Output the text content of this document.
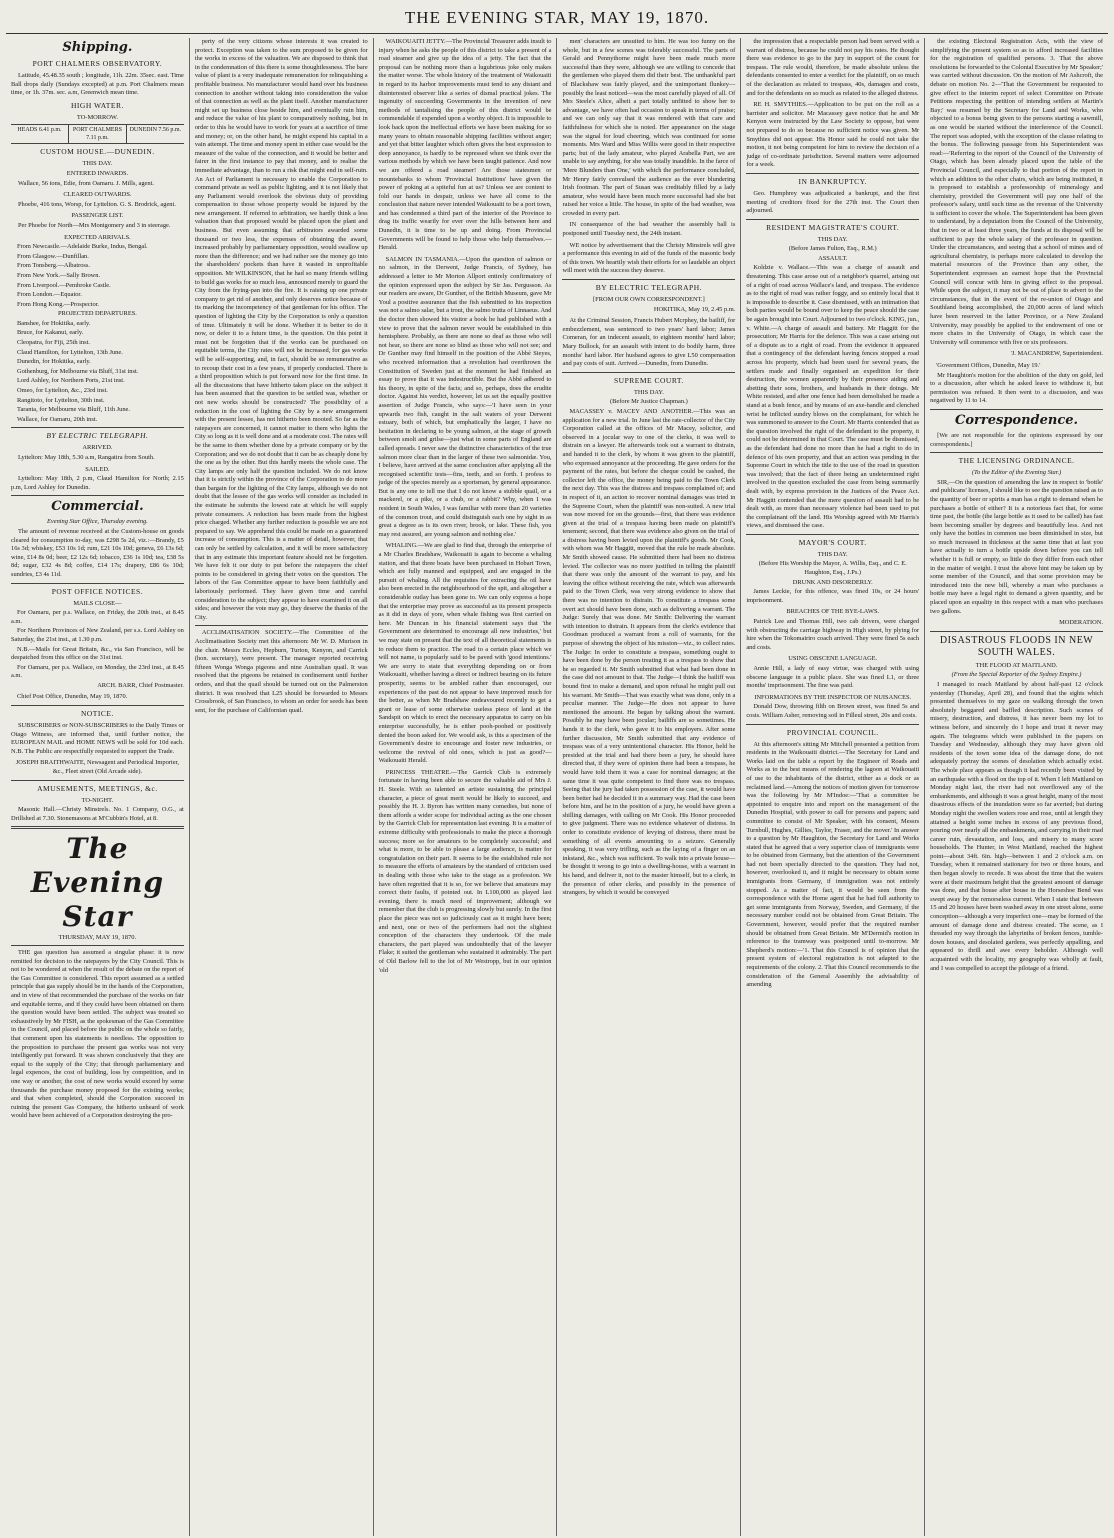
THE EVENING STAR, MAY 19, 1870.
Shipping.
PORT CHALMERS OBSERVATORY.
Latitude, 45.48.35 south ; longitude, 11h. 22m. 35sec. east. Time Ball drops daily (Sundays excepted) at p.m. Port Chalmers mean time, or 1h. 37m. sec. a.m, Greenwich mean time.
HIGH WATER.
TO-MORROW.
HEADS 6.41 p.m.	PORT CHALMERS 7.11 p.m.
DUNEDIN 7.56 p.m.
CUSTOM HOUSE.—DUNEDIN.
THIS DAY.
ENTERED INWARDS.
Wallace, 56 tons, Edie, from Oamaru. J. Mills, agent.
CLEARED OUTWARDS.
Phoebe, 416 tons, Worsp, for Lyttelton. G. S. Brodrick, agent.
PASSENGER LIST.
Per Phoebe for North—Mrs Montgomery and 3 in steerage.
EXPECTED ARRIVALS.
From Newcastle.—Adelaide Burke, Indus, Bengal.
From Glasgow.—Dunfillan.
From Tonsberg.—Albatross.
From New York.—Sally Brown.
From Liverpool.—Pembroke Castle.
From London.—Equator.
From Hong Kong.—Prospector.
PROJECTED DEPARTURES.
Banshee, for Hokitika, early.
Bruce, for Kakanui, early.
Cleopatra, for Fiji, 25th inst.
Claud Hamilton, for Lyttelton, 13th June.
Dunedin, for Hokitika, early.
Gothenburg, for Melbourne via Bluff, 31st inst.
Lord Ashley, for Northern Ports, 21st inst.
Omeo, for Lyttelton, &c., 23rd inst.
Rangitoto, for Lyttelton, 30th inst.
Taranta, for Melbourne via Bluff, 11th June.
Wallace, for Oamaru, 20th inst.
BY ELECTRIC TELEGRAPH.
ARRIVED.
Lyttelton: May 18th, 5.30 a.m, Rangatira from South.
SAILED.
Lyttelton: May 18th, 2 p.m, Claud Hamilton for North; 2.15 p.m, Lord Ashley for Dunedin.
Commercial.
Evening Star Office, Thursday evening.
The amount of revenue received at the Custom-house on goods cleared for consumption to-day, was £298 5s 2d, viz.:—Brandy, £5 16s 3d; whiskey, £53 10s 1d; rum, £21 10s 10d; geneva, £6 13s 6d; wine, £14 8s 0d; beer, £2 12s 6d; tobacco, £36 1s 10d; tea, £38 5s 8d; sugar, £32 4s 8d; coffee, £14 17s; drapery, £86 6s 10d; sundries, £3 4s 11d.
POST OFFICE NOTICES.
MAILS CLOSE—
For Oamaru, per p.s. Wallace, on Friday, the 20th inst., at 8.45 a.m.
For Northern Provinces of New Zealand, per s.s. Lord Ashley on Saturday, the 21st inst., at 1.30 p.m.
N.B.—Mails for Great Britain, &c., via San Francisco, will be despatched from this office on the 31st inst.
For Oamaru, per p.s. Wallace, on Monday, the 23rd inst., at 8.45 a.m.
ARCH. BARR, Chief Postmaster.
Chief Post Office, Dunedin, May 19, 1870.
NOTICE.
SUBSCRIBERS or NON-SUBSCRIBERS to the Daily Times or Otago Witness, are informed that, until further notice, the EUROPEAN MAIL and HOME NEWS will be sold for 10d each. N.B. The Public are respectfully requested to support the Trade.
JOSEPH BRAITHWAITE, Newsagent and Periodical Importer, &c., Fleet street (Old Arcade side).
AMUSEMENTS, MEETINGS, &c.
TO-NIGHT.
Masonic Hall.—Christy Minstrels. No. 1 Company, O.G., at Drillshed at 7.30. Stonemasons at M'Cubbin's Hotel, at 8.
The Evening Star
THURSDAY, MAY 19, 1870.
THE gas question has assumed a singular phase: it is now remitted for decision to the ratepayers by the City Council. This is not to be wondered at when the result of the debate on the report of the Gas Committee is considered. This report assumed as a settled principle that gas supply should be in the hands of the Corporation, and in view of that recommended the purchase of the works on fair and equitable terms, and if they could have been obtained on them the question would have been settled. The subject was treated so exhaustively by Mr FISH, as the spokesman of the Gas Committee in the Council, and placed before the public on the whole so fairly, that comment upon his statements is needless. The opposition to the proposition to purchase the present gas works was not very intelligently put forward. It was shown conclusively that they are equal to the supply of the City; that through parliamentary and legal expences, the cost of building, loss by competition, and in one way or another, the cost of new works would exceed by some thousands the purchase money proposed for the existing works; and that when completed, should the Corporation succeed in ruining the present Gas Company, the hitherto unheard of work would have been achieved of a Corporation destroying the pro-
perty of the very citizens whose interests it was created to protect. Exception was taken to the sum proposed to be given for the works in excess of the valuation. We are disposed to think that in the condemnation of this there is some thoughtlessness. The bare value of plant is a very inadequate remuneration for relinquishing a profitable business. No manufacturer would hand over his business connection to another without taking into consideration the value of that connection as well as the plant itself. Another manufacturer might set up business close beside him, and eventually ruin him, and reduce the value of his plant to comparatively nothing, but in order to this he would have to work for years at a sacrifice of time and money; or, on the other hand, he might expend his capital in a vain attempt. The time and money spent in either case would be the measure of the value of the connection, and it would be better and fairer in the first instance to pay that money, and to realise the immediate advantage, than to run a risk that might end in self-ruin. An Act of Parliament is necessary to enable the Corporation to command private as well as public lighting, and it is not likely that any Parliament would overlook the obvious duty of providing compensation to those whose property would be injured by the new arrangement. If referred to arbitration, we hardly think a less valuation than that proposed would be placed upon the plant and business. But even assuming that arbitrators awarded some thousand or two less, the expenses of obtaining the award, increased probably by parliamentary opposition, would swallow up more than the difference; and we had rather see the money go into the shareholders' pockets than have it wasted in unprofitable opposition. Mr WILKINSON, that he had so many friends willing to build gas works for so much less, announced merely to guard the City from the frying-pan into the fire. It is raising up one private company to get rid of another, and only deserves notice because of its marking the incompetency of that gentleman for his office. The question of lighting the City by the Corporation is only a question of time. Ultimately it will be done. Whether it is better to do it now, or defer it to a future time, is the question. On this point it must not be forgotten that if the works can be purchased on equitable terms, the City rates will not be increased, for gas works will be self-supporting, and, in fact, should be so remunerative as to recoup their cost in a few years, if properly conducted. There is a third proposition which is put forward now for the first time. In all the discussions that have hitherto taken place on the subject it has been assumed that the question to be settled was, whether or not new works should be constructed? The possibility of a reduction in the cost of lighting the City by a new arrangement with the present lessee, has not hitherto been mooted. So far as the ratepayers are concerned, it cannot matter to them who lights the City so long as it is well done and at a moderate cost. The rates will be the same to them whether done by a private company or by the Corporation; and we do not doubt that it can be as cheaply done by the one as by the other. But this hardly meets the whole case. The City lamps are only half the question included. We do not know that it is strictly within the province of the Corporation to do more than bargain for the lighting of the City lamps, although we do not doubt that the lessee of the gas works will consider as included in the estimate he submits the lowest rate at which he will supply private consumers. A reduction has been made from the highest price charged. Whether any further reduction is possible we are not prepared to say. We apprehend this could be made on a guaranteed increase of consumption. This is a matter of detail, however, that can only be settled by calculation, and it will be more satisfactory that in any estimate this important feature should not be forgotten. We have felt it our duty to put before the ratepayers the chief points to be considered in giving their votes on the question. The labors of the Gas Committee appear to have been faithfully and laboriously performed. They have given time and careful consideration to the subject; they appear to have examined it on all sides; and however the vote may go, they deserve the thanks of the City.
ACCLIMATISATION SOCIETY.—The Committee of the Acclimatisation Society met this afternoon: Mr W. D. Murison in the chair. Messrs Eccles, Hepburn, Turton, Kenyon, and Carrick (hon. secretary), were present. The manager reported receiving fifteen Wonga Wonga pigeons and nine Australian quail. It was resolved that the pigeons be retained in confinement until further orders, and that the quail should be turned out on the Palmerston district. It was resolved that L25 should be forwarded to Messrs Crossbrook, of San Francisco, to whom an order for seeds has been sent, for the purchase of Californian quail.
WAIKOUAITI JETTY.—The Provincial Treasurer adds insult to injury when he asks the people of this district to take a present of a road steamer and give up the idea of a jetty. The fact that the proposal can be nothing more than a lugubrious joke only makes the matter worse. The whole history of the treatment of Waikouaiti in regard to its harbor improvements must tend to any distant and disinterested observer like a series of dismal practical jokes. The ingenuity of succeeding Governments in the invention of new methods of tantalising the people of this district would be commendable if expended upon a worthy object. It is impossible to look back upon the ineffectual efforts we have been making for so many years to obtain reasonable shipping facilities without anger; and yet that bitter laughter which often gives the best expression to deep annoyance, is hardly to be repressed when we think over the various methods by which we have been taught patience. And now we are offered a road steamer! Are those statesmen or mountebanks to whom 'Provincial Institutions' have given the power of poking at a spiteful fun at us? Unless we are content to fold our hands in despair, unless we have all come to the conclusion that nature never intended Waikouaiti to be a port town, and has condemned a third part of the interior of the Province to drag its traffic wearily for ever over the hills between here and Dunedin, it is time to be up and doing. From Provincial Governments will be found to help those who help themselves.—Herald.
SALMON IN TASMANIA.—Upon the question of salmon or no salmon, in the Derwent, Judge Francis, of Sydney, has addressed a letter to Mr Morton Allport entirely confirmatory of the opinion expressed upon the subject by Sir Jas. Fergusson. As our readers are aware, Dr Gunther, of the British Museum, gave Mr Youl a positive assurance that the fish submitted to his inspection was not a salmo salar, but a trout, the salmo trutta of Linnaeus. And the doctor then showed his visitor a book he had published with a view to prove that the salmon never would be established in this hemisphere. Probably, as there are none so deaf as those who will not hear, so there are none so blind as those who will not see; and Dr Gunther may find himself in the position of the Abbé Sieyes, who received information that a revolution had overthrown the Constitution of Sweden just at the moment he had finished an essay to prove that it was indestructible. But the Abbé adhered to his theory, in spite of the facts; and so, perhaps, does the erudite doctor. Against his verdict, however, let us set the equally positive assertion of Judge Francis, who says:—'I have seen in your upwards two fish, caught in the salt waters of your Derwent estuary, both of which, but emphatically the larger, I have no hesitation in declaring to be young salmon, at the stage of growth between smolt and grilse—just what in some parts of England are called spreads. I never saw the distinctive characteristics of the true salmon more clear than in the larger of these two salmonidæ. You, I believe, have arrived at the same conclusion after applying all the recognised scientific tests—fins, teeth, and so forth. I profess to judge of the species merely as a sportsman, by general appearance. But is any one to tell me that I do not know a stubble quail, or a mackerel, or a pike, or a chub, or a rabbit? Why, when I was resident in South Wales, I was familiar with more than 20 varieties of the common trout, and could distinguish each one by sight in as great a degree as is its own river, brook, or lake. These fish, you may rest assured, are young salmon and nothing else.'
WHALING.—We are glad to find that, through the enterprise of a Mr Charles Bradshaw, Waikouaiti is again to become a whaling station, and that three boats have been purchased in Hobart Town, which are fully manned and equipped, and are engaged in the pursuit of whaling. All the requisites for extracting the oil have also been erected in the neighbourhood of the spit, and altogether a considerable outlay has been gone to. We can only express a hope that the enterprise may prove as successful as its present prospects as it did in days of yore, when whale fishing was first carried on here. Mr Duncan in his financial statement says that 'the Government are determined to encourage all new industries,' but we may state on present that the text of all theoretical statements is to reduce them to practice. The road to a certain place which we will not name, is popularly said to be paved with 'good intentions.' We are sorry to state that everything depending on or from Waikouaiti, whether having a direct or indirect bearing on its future prosperity, seems to be ambled rather than encouraged, our experiences of the past do not appear to have improved much for the better, as when Mr Bradshaw endeavoured recently to get a grant or lease of some otherwise useless piece of land at the Sandspit on which to erect the necessary apparatus to carry on his enterprise successfully, he is either pooh-poohed or positively denied the boon asked for. We would ask, is this a specimen of the Government's desire to encourage and foster new industries, or welcome the revival of old ones, which is just as good?—Waikouaiti Herald.
PRINCESS THEATRE.—The Garrick Club is extremely fortunate in having been able to secure the valuable aid of Mrs J. H. Steele. With so talented an artiste sustaining the principal character, a piece of great merit would be likely to succeed, and possibly the H. J. Byron has written many comedies, but none of them affords a wider scope for individual acting as the one chosen by the Garrick Club for representation last evening. It is a matter of extreme difficulty with professionals to make the piece a thorough success; more so for amateurs to be completely successful; and what is more, to be able to please a large audience, is matter for congratulation on their part. It seems to be the established rule not to measure the efforts of amateurs by the standard of criticism used in dealing with those who take to the stage as a profession. We have often regretted that it is so, for we believe that amateurs may correct their faults, if pointed out. In L100,000 as played last evening, there is much need of improvement; although we remember that the club is progressing slowly but surely. In the first place the piece was not so judiciously cast as it might have been; and next, one or two of the performers had not the slightest conception of the characters they undertook. Of the male characters, the part played was undoubtedly that of the lawyer Flake; it suited the gentleman who sustained it admirably. The part of Old Barlow fell to the lot of Mr Westropp, but in our opinion 'old
men' characters are unsuited to him. He was too funny on the whole, but in a few scenes was tolerably successful. The parts of Gerald and Pennythorne might have been made much more successful than they were, although we are willing to concede that the gentlemen who played them did their best. The unthankful part of Blackshaw was fairly played, and the unimportant flunkey—possibly the least noticed—was the most carefully played of all. Of Mrs Steele's Alice, albeit a part totally unfitted to show her to advantage, we have often had occasion to speak in terms of praise; and we can only say that it was rendered with that care and faithfulness for which she is noted. Her appearance on the stage was the signal for loud cheering, which was continued for some moments. Mrs Ward and Miss Willis were good in their respective parts; but of the lady amateur, who played Arabella Part, we are unable to say anything, for she was totally inaudible. In the farce of 'Mere Blunders than One,' with which the performance concluded, Mr Henry fairly convulsed the audience as the ever blundering Irish footman. The part of Susan was creditably filled by a lady amateur, who would have been much more successful had she but raised her voice a little. The house, in spite of the bad weather, was crowded in every part.
IN consequence of the bad weather the assembly ball is postponed until Tuesday next, the 24th instant.
WE notice by advertisement that the Christy Minstrels will give a performance this evening in aid of the funds of the masonic body of this town. We heartily wish their efforts for so laudable an object will meet with the success they deserve.
BY ELECTRIC TELEGRAPH.
[FROM OUR OWN CORRESPONDENT.]
HOKITIKA, May 19, 2.45 p.m.
At the Criminal Session, Francis Hubert Mcrphey, the bailiff, for embezzlement, was sentenced to two years' hard labor; James Comeran, for an indecent assault, to eighteen months' hard labor; Mary Bullock, for an assault with intent to do bodily harm, three months' hard labor. Her husband agrees to give L50 compensation and pay costs of suit. Arrived.—Dunedin, from Dunedin.
SUPREME COURT.
THIS DAY.
(Before Mr Justice Chapman.)
MACASSEY v. MACEY AND ANOTHER.—This was an application for a new trial. In June last the rate-collector of the City Corporation called at the offices of Mr Macey, solicitor, and observed in a jocular way to one of the clerks, it was well to distrain on a lawyer. He afterwards took out a warrant to distrain, and handed it to the clerk, by whom it was given to the plaintiff, who expressed annoyance at the proceeding. He gave orders for the payment of the rates, but before the cheque could be cashed, the collector left the office, the money being paid to the Town Clerk the next day. This was the distress and trespass complained of; and in respect of it, an action to recover nominal damages was tried in the Supreme Court, when the plaintiff was non-suited. A new trial was now moved for on the grounds—first, that there was evidence given at the trial of a trespass having been made on plaintiff's tenement; second, that there was evidence also given on the trial of a distress having been levied upon the plaintiff's goods. Mr Cook, with whom was Mr Haggitt, moved that the rule be made absolute. Mr Smith showed cause. He submitted there had been no distress levied. The collector was no more justified in telling the plaintiff that there was only the amount of the warrant to pay, and his leaving the office without receiving the rate, which was afterwards paid to the Town Clerk, was very strong evidence to show that there was no intention to distrain. To constitute a trespass some overt act should have been done, such as delivering a warrant. The Judge: Surely that was done. Mr Smith: Delivering the warrant with intention to distrain. It appears from the clerk's evidence that Goodman produced a warrant from a roll of warrants, for the purpose of showing the object of his mission—viz., to collect rates. The Judge: In order to constitute a trespass, something ought to have been done by the person treating it as a trespass to show that he so regarded it. Mr Smith submitted that what had been done in the case did not amount to that. The Judge—I think the bailiff was bound first to make a demand, and upon refusal he might pull out his warrant. Mr Smith—That was exactly what was done, only in a peculiar manner. The Judge—He does not appear to have mentioned the amount. He began by talking about the warrant. Possibly he may have been jocular; bailiffs are so sometimes. He hands it to the clerk, who gave it to his employers. After some further discussion, Mr Smith submitted that any evidence of trespass was of a very unintentional character. His Honor, held he presided at the trial and had there been a jury, he should have directed that, if they were of opinion there had been a trespass, he would have told them it was a case for nominal damages; at the same time it was quite competent to find there was no trespass. Seeing that the jury had taken possession of the case, it would have been better had he decided it in a summary way. Had the case been before him, and he in the position of a jury, he would have given a shilling damages, with calling on Mr Cook. His Honor proceeded to give judgment. There was no evidence whatever of distress. In order to constitute evidence of levying of distress, there must be something of all events amounting to a seizure. Generally speaking, it was very trifling, such as the laying of a finger on an inkstand, &c., which was sufficient. To walk into a private house—be thought it wrong to go into a dwelling-house, with a warrant in his hand, and deliver it, not to the master himself, but to a clerk, in the presence of other clerks, and possibly in the presence of strangers, by which it would be conveyed
the impression that a respectable person had been served with a warrant of distress, because he could not pay his rates. He thought there was evidence to go to the jury in support of the count for trespass. The rule would, therefore, be made absolute unless the defendants consented to enter a verdict for the plaintiff, on so much of the declaration as related to trespass, 40s, damages and costs, and for the defendants on so much as related to the alleged distress.
RE H. SMYTHIES.—Application to be put on the roll as a barrister and solicitor. Mr Macassey gave notice that he and Mr Kenyon were instructed by the Law Society to oppose, but were not prepared to do so because no sufficient notice was given. Mr Smythies did not appear. His Honor said he could not take the motion, it not being competent for him to review the decision of a judge of co-ordinate jurisdiction. Several matters were adjourned for a week.
IN BANKRUPTCY.
Geo. Humphrey was adjudicated a bankrupt, and the first meeting of creditors fixed for the 27th inst. The Court then adjourned.
RESIDENT MAGISTRATE'S COURT.
THIS DAY.
(Before James Fulton, Esq., R.M.)
ASSAULT.
Koldzie v. Wallace.—This was a charge of assault and threatening. This case arose out of a neighbor's quarrel, arising out of a right of road across Wallace's land, and trespass. The evidence as to the right of road was rather foggy, and so entirely local that it is impossible to describe it. Case dismissed, with an intimation that both parties would be bound over to keep the peace should the case be again brought into Court. Adjourned to two o'clock. KING, jun., v. White.—A charge of assault and battery. Mr Haggitt for the prosecution; Mr Harris for the defence. This was a case arising out of a dispute as to a right of road. From the evidence it appeared that a contingency of the defendant having fences stopped a road across his property, which had been used for several years, the settlers made and finally organised an expedition for their destruction, the women apparently by their presence aiding and abetting their sons, brothers, and husbands in their doings. Mr White resisted, and after one fence had been demolished he made a stand at a bush fence, and by means of an axe-handle and clenched wrist he inflicted sundry blows on the complainant, for which he was summoned to answer to the Court. Mr Harris contended that as the question involved the right of the defendant to the property, it could not be determined in that Court. The case must be dismissed, as the defendant had done no more than he had a right to do in defence of his own property, and that an action was pending in the Supreme Court in which the title to the use of the road in question was involved; that the fact of there being an undetermined right involved in the question excluded the case from being summarily dealt with, by express provision in the Justices of the Peace Act. Mr Haggitt contended that the mere question of assault had to be dealt with, as more than necessary violence had been used to put the complainant off the land. His Worship agreed with Mr Harris's views, and dismissed the case.
MAYOR'S COURT.
THIS DAY.
(Before His Worship the Mayor, A. Willis, Esq., and C. E. Haughton, Esq., J.Ps.)
DRUNK AND DISORDERLY.
James Leckie, for this offence, was fined 10s, or 24 hours' imprisonment.
BREACHES OF THE BYE-LAWS.
Patrick Lee and Thomas Hill, two cab drivers, were charged with obstructing the carriage highway in High street, by plying for hire when the Tokomairiro coach arrived. They were fined 5s each and costs.
USING OBSCENE LANGUAGE.
Annie Hill, a lady of easy virtue, was charged with using obscene language in a public place. She was fined L1, or three months' imprisonment. The fine was paid.
INFORMATIONS BY THE INSPECTOR OF NUISANCES.
Donald Dow, throwing filth on Brown street, was fined 5s and costs. William Asher, removing soil in Filleul street, 20s and costs.
PROVINCIAL COUNCIL.
At this afternoon's sitting Mr Mitchell presented a petition from residents in the Waikouaiti district.—The Secretary for Land and Works laid on the table a report by the Engineer of Roads and Works as to the best means of rendering the lagoon at Waikouaiti of use to the inhabitants of the district, either as a dock or as reclaimed land.—Among the notices of motion given for tomorrow was the following by Mr M'Indoe:—'That a committee be appointed to enquire into and report on the management of the Dunedin Hospital, with power to call for persons and papers; said committee to consist of Mr Speaker, with his consent, Messrs Turnbull, Hughes, Gillies, Taylor, Fraser, and the mover.' In answer to a question by Mr Haughton, the Secretary for Land and Works stated that he agreed that a very superior class of immigrants were to be obtained from Germany, but the attention of the Government had not been specially directed to the question. They had not, however, overlooked it, and it might be necessary to obtain some immigrants from Germany, if immigration was not entirely stopped. As a matter of fact, it would be seen from the correspondence with the Home agent that he had full authority to get some immigrants from Norway, Sweden, and Germany, if the necessary number could not be obtained from Great Britain. The Government, however, would prefer that the required number should be obtained from Great Britain. Mr M'Dermid's motion in reference to the tramway was postponed until to-morrow. Mr Shepherd's motion:—'1. That this Council is of opinion that the present system of electoral registration is not adapted to the requirements of the colony. 2. That this Council recommends to the consideration of the General Assembly the advisability of amending
the existing Electoral Registration Acts, with the view of simplifying the present system so as to afford increased facilities for the registration of qualified persons. 3. That the above resolutions be forwarded to the Colonial Executive by Mr Speaker;' was carried without discussion. On the motion of Mr Ashcroft, the debate on motion No. 2—'That the Government be requested to give effect to the interim report of select Committee on Private Petitions respecting the petition of intending settlers at Martin's Bay;' was resumed by the Secretary for Land and Works, who objected to a bonus being given to the persons starting a sawmill, as one would be started without the interference of the Council. The report was adopted, with the exception of the clause relating to the bonus. The following passage from his Superintendent was read:—'Referring to the report of the Council of the University of Otago, which has been already placed upon the table of the Provincial Council, and especially to that portion of the report in which an addition to the other chairs, which are being instituted, it is proposed to establish a professorship of mineralogy and chemistry, provided the Government will pay one half of the professor's salary, until such time as the revenue of the University is sufficient to cover the whole. The Superintendent has been given to understand, by a deputation from the Council of the University, that in two or at least three years, the funds at its disposal will be sufficient to pay the whole salary of the professor in question. Under the circumstances, and seeing that a school of mines and of agricultural chemistry, is perhaps more calculated to develop the material resources of the Province than any other, the Superintendent expresses an earnest hope that the Provincial Council will concur with him in giving effect to the proposal. While upon the subject, it may not be out of place to advert to the circumstances, that in the event of the re-union of Otago and Southland being accomplished, the 20,000 acres of land which have been reserved in the latter Province, or a New Zealand University, may possibly be applied to the endowment of one or more chairs in the University of Otago, in which case the University will commence with five or six professors.
'J. MACANDREW, Superintendent.
'Government Offices, Dunedin, May 19.'
Mr Haughton's motion for the abolition of the duty on gold, led to a discussion, after which he asked leave to withdraw it, but permission was refused. It then went to a discussion, and was negatived by 11 to 14.
Correspondence.
[We are not responsible for the opinions expressed by our correspondents.]
THE LICENSING ORDINANCE.
(To the Editor of the Evening Star.)
SIR,—On the question of amending the law in respect to 'bottle' and publicans' licenses, I should like to see the question raised as to the quantity of beer or spirits a man has a right to demand when he purchases a bottle of either? It is a notorious fact that, for some time past, the bottle (the large bottle as it used to be called) has fast been becoming smaller by degrees and beautifully less. And not only have the bottles in common use been diminished in size, but so much increased in thickness at the same time that at last you have actually to turn a bottle upside down before you can tell whether it is full or empty, so little do they differ from each other in the matter of weight. I trust the above hint may be taken up by some member of the Council, and that some provision may be introduced into the new bill, whereby a man who purchases a bottle may have a legal right to demand a given quantity, and be placed upon an equality in this respect with a man who purchases two gallons.
MODERATION.
DISASTROUS FLOODS IN NEW SOUTH WALES.
THE FLOOD AT MAITLAND.
(From the Special Reporter of the Sydney Empire.)
I managed to reach Maitland by about half-past 12 o'clock yesterday (Thursday, April 28), and found that the sights which presented themselves to my gaze on walking through the town absolutely beggared and baffled description. Such scenes of misery, destruction, and distress, it has never been my lot to witness before, and sincerely do I hope and trust it never may again. The telegrams which were published in the papers on Tuesday and Wednesday, although they may have given old residents of the town some idea of the damage done, do not adequately portray the scenes of desolation which actually exist. The whole place appears as though it had recently been visited by an earthquake with a flood on the top of it. When I left Maitland on Monday night last, the river had not overflowed any of the embankments, and although it was a great height, many of the most disastrous effects of the inundation were so far averted; but during Monday night the swollen waters rose and rose, until at length they attained a height some inches in excess of any previous flood, pouring over nearly all the embankments, and carrying in their mad career ruin, devastation, and loss, and misery to many score households. The Hunter, in West Maitland, reached the highest point—about 34ft. 6in. high—between 1 and 2 o'clock a.m. on Tuesday, when it remained stationary for two or three hours, and then began slowly to recede. It was about the time that the waters were at their maximum height that the greatest amount of damage was done, and that house after house in the Horseshoe Bend was swept away by the remorseless current. When I state that between 15 and 20 houses have been washed away in one street alone, some conception—although a very imperfect one—may be formed of the amount of damage done and distress created. The scene, as I threaded my way through the labyrinths of broken fences, tumble-down houses, and desolated gardens, was perfectly appalling, and appeared to thrill and awe every beholder. Although well acquainted with the locality, my geography was wholly at fault, and I was compelled to accept the pilotage of a friend.
